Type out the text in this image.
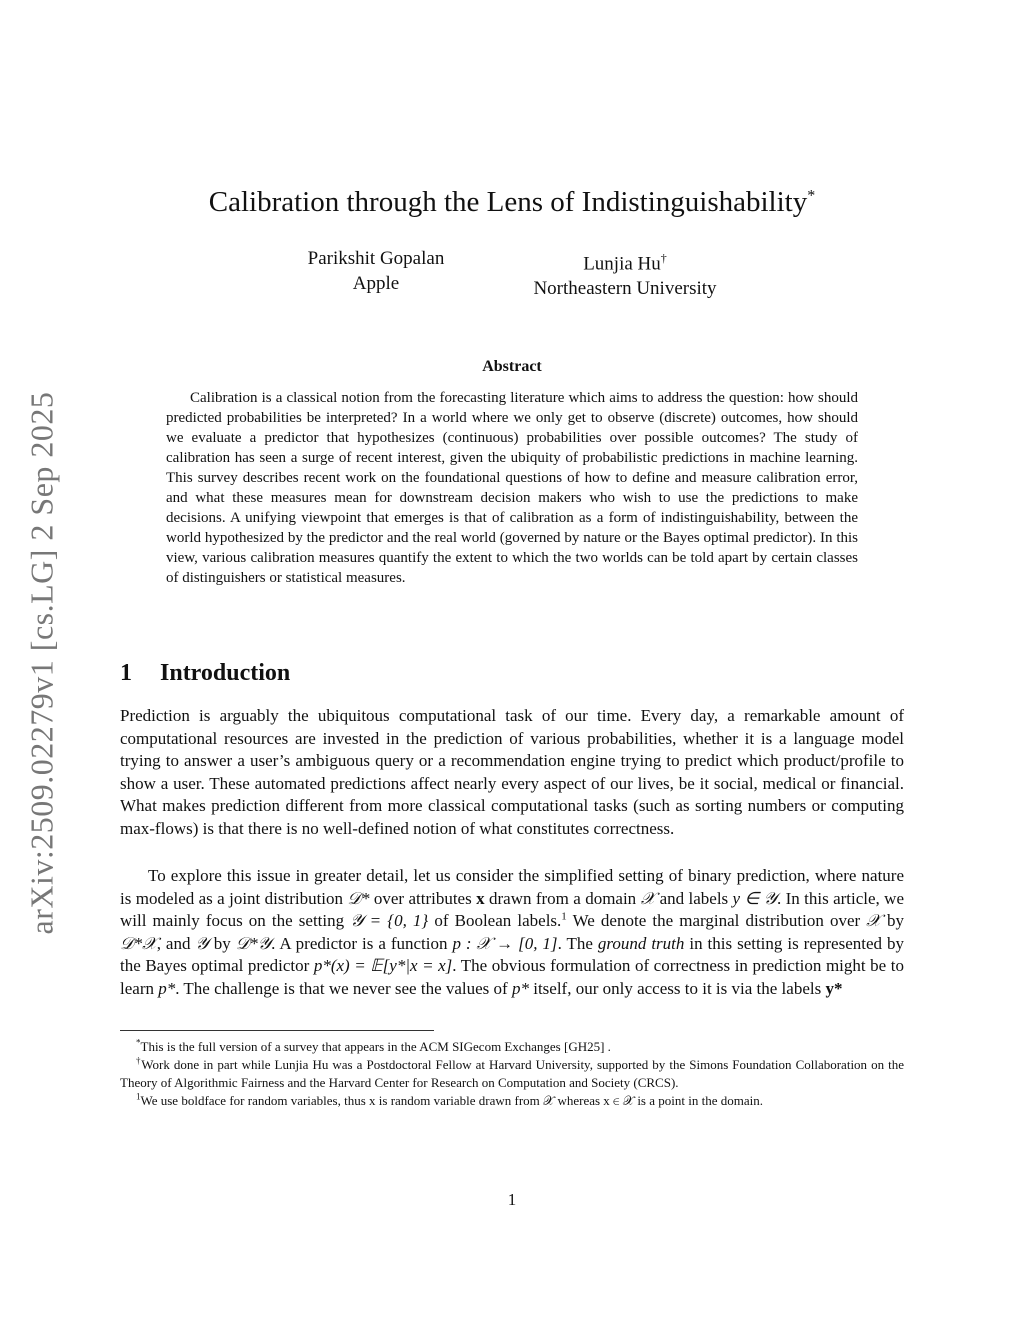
arXiv:2509.02279v1 [cs.LG] 2 Sep 2025
Calibration through the Lens of Indistinguishability*
Parikshit Gopalan
Apple
Lunjia Hu†
Northeastern University
Abstract

Calibration is a classical notion from the forecasting literature which aims to address the question: how should predicted probabilities be interpreted? In a world where we only get to observe (discrete) outcomes, how should we evaluate a predictor that hypothesizes (continuous) probabilities over possible outcomes? The study of calibration has seen a surge of recent interest, given the ubiquity of probabilistic predictions in machine learning. This survey describes recent work on the foundational questions of how to define and measure calibration error, and what these measures mean for downstream decision makers who wish to use the predictions to make decisions. A unifying viewpoint that emerges is that of calibration as a form of indistinguishability, between the world hypothesized by the predictor and the real world (governed by nature or the Bayes optimal predictor). In this view, various calibration measures quantify the extent to which the two worlds can be told apart by certain classes of distinguishers or statistical measures.

1 Introduction

Prediction is arguably the ubiquitous computational task of our time. Every day, a remarkable amount of computational resources are invested in the prediction of various probabilities, whether it is a language model trying to answer a user’s ambiguous query or a recommendation engine trying to predict which product/profile to show a user. These automated predictions affect nearly every aspect of our lives, be it social, medical or financial. What makes prediction different from more classical computational tasks (such as sorting numbers or computing max-flows) is that there is no well-defined notion of what constitutes correctness.

To explore this issue in greater detail, let us consider the simplified setting of binary prediction, where nature is modeled as a joint distribution 𝒟* over attributes x drawn from a domain 𝒳 and labels y ∈ 𝒴. In this article, we will mainly focus on the setting 𝒴 = {0, 1} of Boolean labels.$^1$ We denote the marginal distribution over 𝒳 by 𝒟*𝒳, and 𝒴 by 𝒟*𝒴. A predictor is a function p : 𝒳 → [0, 1]. The ground truth in this setting is represented by the Bayes optimal predictor p*(x) = 𝔼[y*|x = x]. The obvious formulation of correctness in prediction might be to learn p*. The challenge is that we never see the values of p* itself, our only access to it is via the labels y*

*This is the full version of a survey that appears in the ACM SIGecom Exchanges [GH25] .

†Work done in part while Lunjia Hu was a Postdoctoral Fellow at Harvard University, supported by the Simons Foundation Collaboration on the Theory of Algorithmic Fairness and the Harvard Center for Research on Computation and Society (CRCS).

$^1$We use boldface for random variables, thus x is random variable drawn from 𝒳 whereas x ∈ 𝒳 is a point in the domain.

1
